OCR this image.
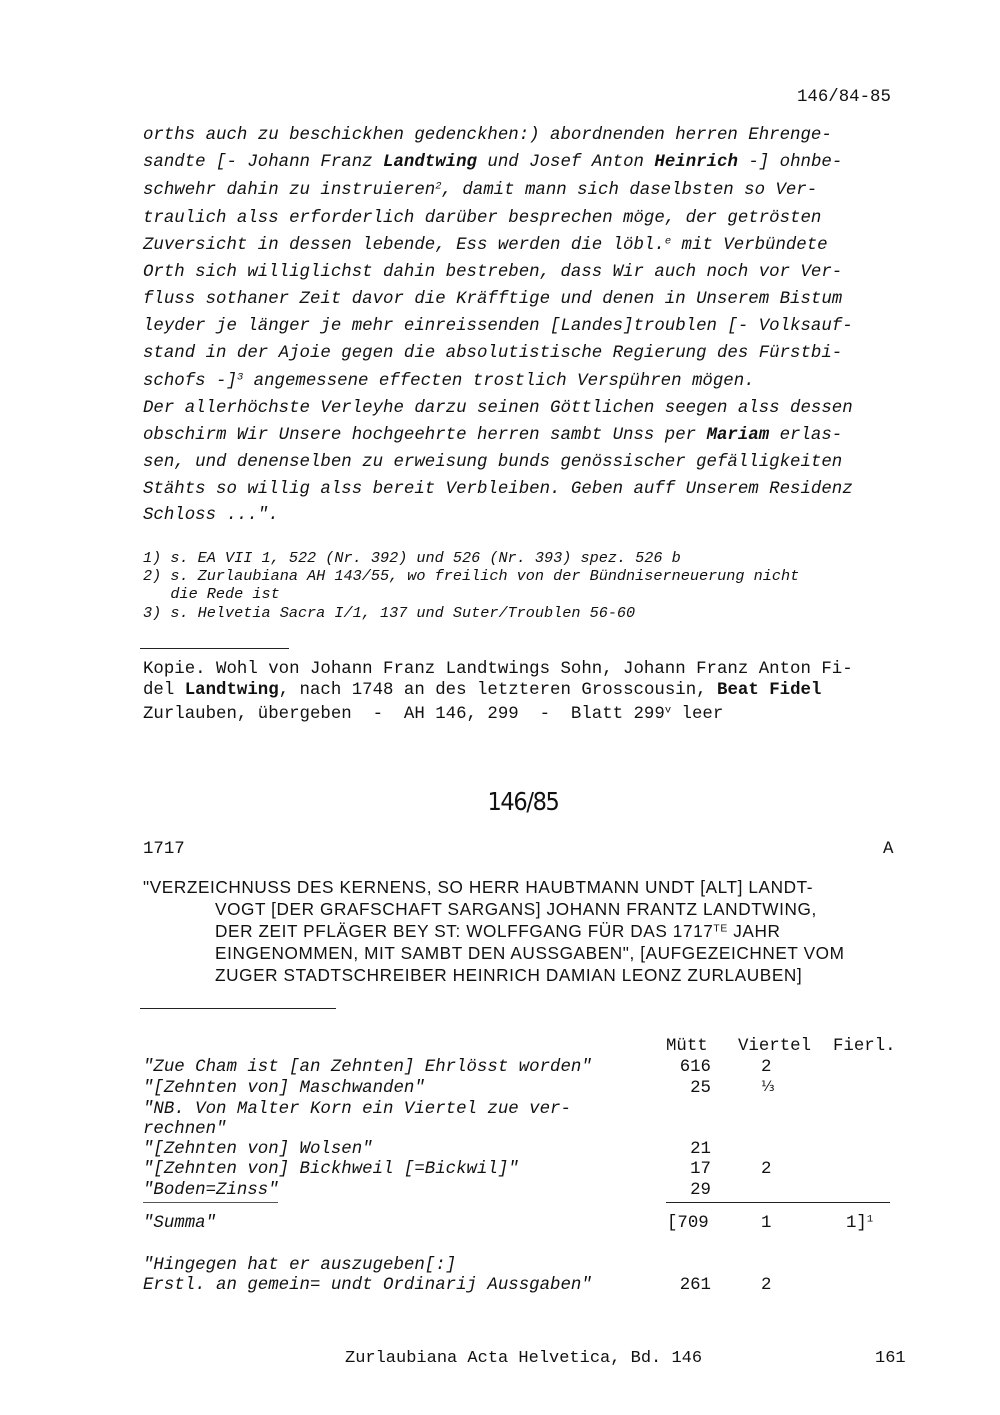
146/84-85
orths auch zu beschickhen gedenckhen:) abordnenden herren Ehrenge-
sandte [- Johann Franz Landtwing und Josef Anton Heinrich -] ohnbe-
schwehr dahin zu instruieren$^2$, damit mann sich daselbsten so Ver-
traulich alss erforderlich darüber besprechen möge, der getrösten
Zuversicht in dessen lebende, Ess werden die löbl.$^e$ mit Verbündete
Orth sich williglichst dahin bestreben, dass Wir auch noch vor Ver-
fluss sothaner Zeit davor die Kräfftige und denen in Unserem Bistum
leyder je länger je mehr einreissenden [Landes]troublen [- Volksauf-
stand in der Ajoie gegen die absolutistische Regierung des Fürstbi-
schofs -]$^3$ angemessene effecten trostlich Verspühren mögen.
Der allerhöchste Verleyhe darzu seinen Göttlichen seegen alss dessen
obschirm Wir Unsere hochgeehrte herren sambt Unss per Mariam erlas-
sen, und denenselben zu erweisung bunds genössischer gefälligkeiten
Stähts so willig alss bereit Verbleiben. Geben auff Unserem Residenz
Schloss ...".
1) s. EA VII 1, 522 (Nr. 392) und 526 (Nr. 393) spez. 526 b
2) s. Zurlaubiana AH 143/55, wo freilich von der Bündniserneuerung nicht
die Rede ist
3) s. Helvetia Sacra I/1, 137 und Suter/Troublen 56-60
Kopie. Wohl von Johann Franz Landtwings Sohn, Johann Franz Anton Fi-
del Landtwing, nach 1748 an des letzteren Grosscousin, Beat Fidel
Zurlauben, übergeben  -  AH 146, 299  -  Blatt 299$^v$ leer
146/85
1717	A
"VERZEICHNUSS DES KERNENS, SO HERR HAUBTMANN UNDT [ALT] LANDT-
VOGT [DER GRAFSCHAFT SARGANS] JOHANN FRANTZ LANDTWING,
DER ZEIT PFLÄGER BEY ST: WOLFFGANG FÜR DAS $1717^{TE}$ JAHR
EINGENOMMEN, MIT SAMBT DEN AUSSGABEN", [AUFGEZEICHNET VOM
ZUGER STADTSCHREIBER HEINRICH DAMIAN LEONZ ZURLAUBEN]
Mütt Viertel Fierl.
"Zue Cham ist [an Zehnten] Ehrlösst worden"	616	2
"[Zehnten von] Maschwanden"	25	⅓
"NB. Von Malter Korn ein Viertel zue ver-
rechnen"
"[Zehnten von] Wolsen"	21
"[Zehnten von] Bickhweil [=Bickwil]"	17	2
"Boden=Zinss"	29
"Summa"	[709	1	1]$^1$
"Hingegen hat er auszugeben[:]
Erstl. an gemein= undt Ordinarij Aussgaben"	261	2
Zurlaubiana Acta Helvetica, Bd. 146	161
